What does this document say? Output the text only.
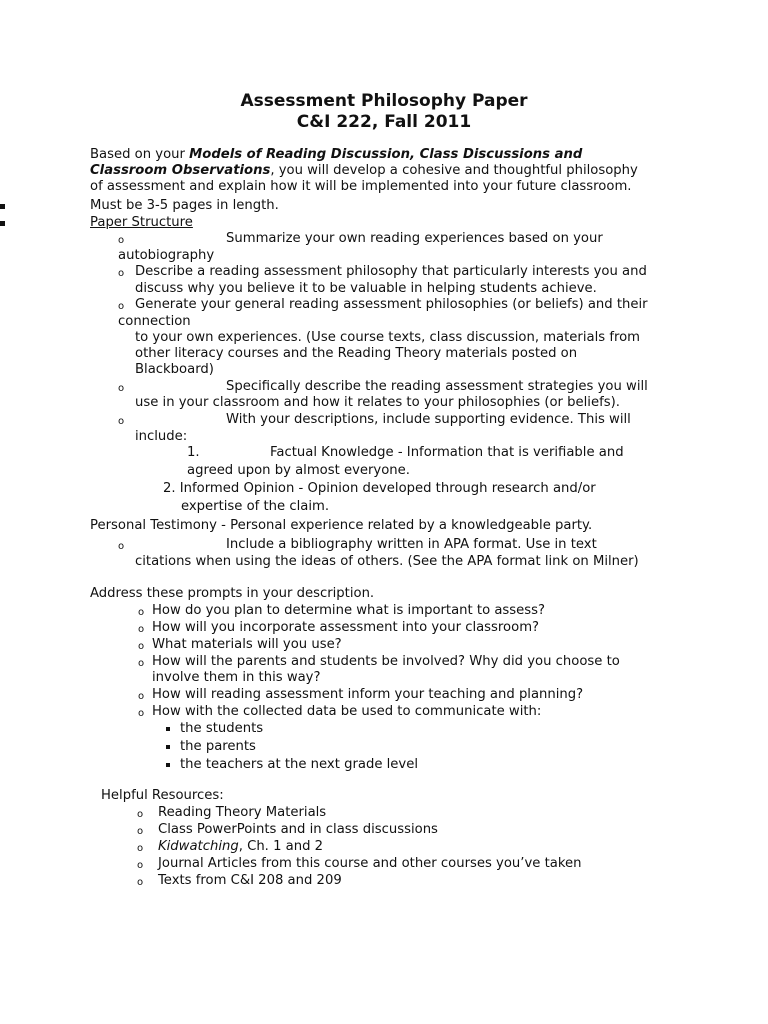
Assessment Philosophy Paper
C&I 222, Fall 2011
Based on your Models of Reading Discussion, Class Discussions and
Classroom Observations, you will develop a cohesive and thoughtful philosophy
of assessment and explain how it will be implemented into your future classroom.
Must be 3-5 pages in length.
Paper Structure
o	Summarize your own reading experiences based on your
autobiography
o Describe a reading assessment philosophy that particularly interests you and
discuss why you believe it to be valuable in helping students achieve.
o Generate your general reading assessment philosophies (or beliefs) and their
connection
to your own experiences. (Use course texts, class discussion, materials from
other literacy courses and the Reading Theory materials posted on
Blackboard)
o	Specifically describe the reading assessment strategies you will
use in your classroom and how it relates to your philosophies (or beliefs).
o	With your descriptions, include supporting evidence. This will
include:
1.	Factual Knowledge - Information that is verifiable and
agreed upon by almost everyone.
2. Informed Opinion - Opinion developed through research and/or
expertise of the claim.
Personal Testimony - Personal experience related by a knowledgeable party.
o	Include a bibliography written in APA format. Use in text
citations when using the ideas of others. (See the APA format link on Milner)
Address these prompts in your description.
o How do you plan to determine what is important to assess?
o How will you incorporate assessment into your classroom?
o What materials will you use?
o How will the parents and students be involved? Why did you choose to
involve them in this way?
o How will reading assessment inform your teaching and planning?
o How with the collected data be used to communicate with:
the students
the parents
the teachers at the next grade level
Helpful Resources:
o Reading Theory Materials
o Class PowerPoints and in class discussions
o Kidwatching, Ch. 1 and 2
o Journal Articles from this course and other courses you’ve taken
o Texts from C&I 208 and 209
